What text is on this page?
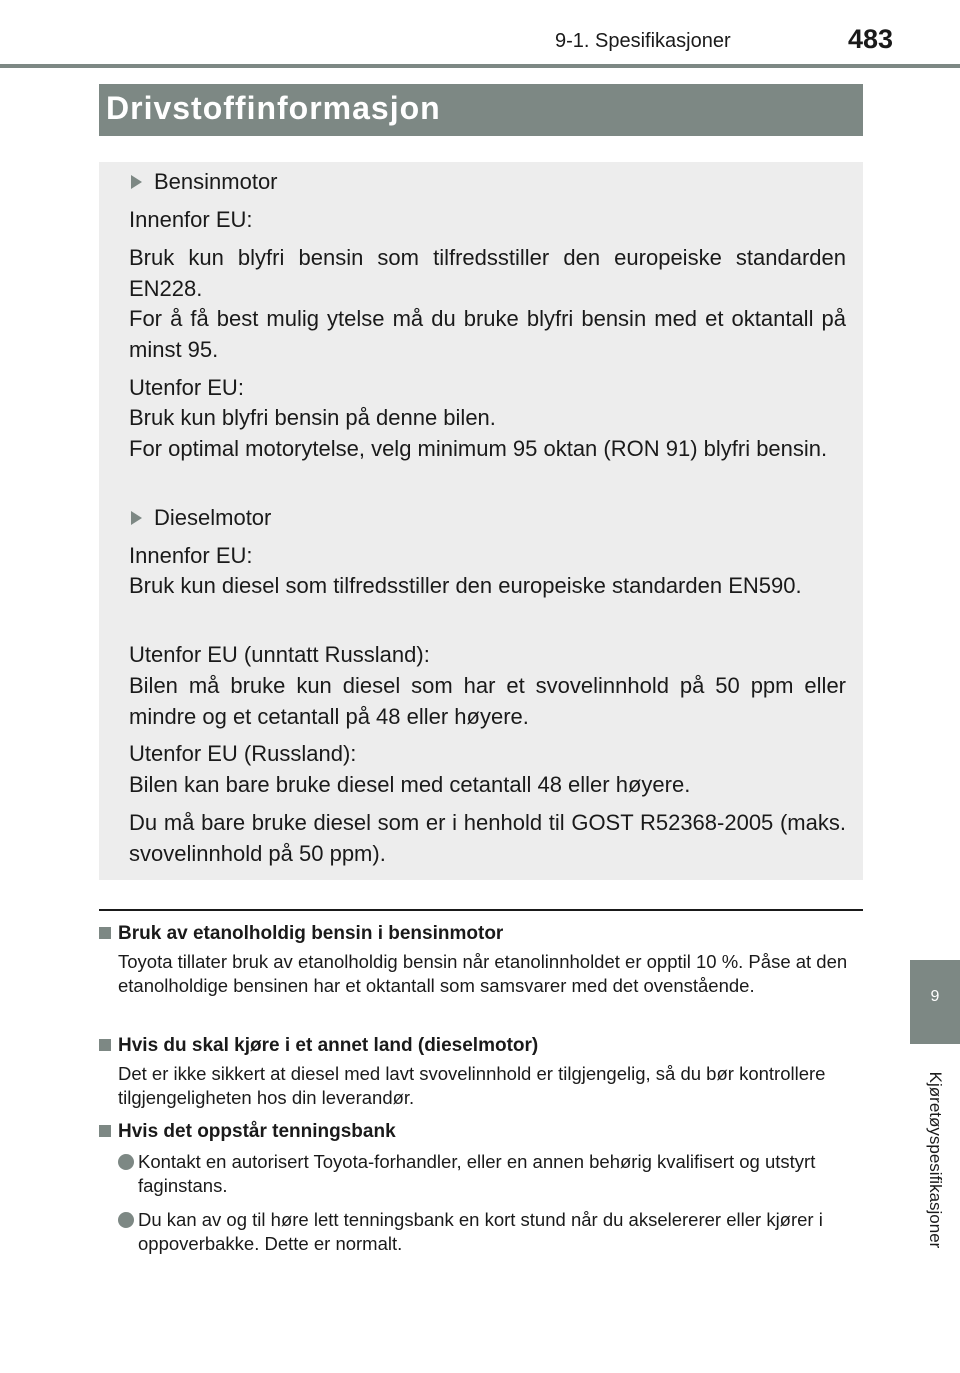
9-1. Spesifikasjoner	483
Drivstoffinformasjon
Bensinmotor
Innenfor EU:
Bruk kun blyfri bensin som tilfredsstiller den europeiske standarden EN228.
For å få best mulig ytelse må du bruke blyfri bensin med et oktantall på minst 95.
Utenfor EU:
Bruk kun blyfri bensin på denne bilen.
For optimal motorytelse, velg minimum 95 oktan (RON 91) blyfri bensin.
Dieselmotor
Innenfor EU:
Bruk kun diesel som tilfredsstiller den europeiske standarden EN590.
Utenfor EU (unntatt Russland):
Bilen må bruke kun diesel som har et svovelinnhold på 50 ppm eller mindre og et cetantall på 48 eller høyere.
Utenfor EU (Russland):
Bilen kan bare bruke diesel med cetantall 48 eller høyere.
Du må bare bruke diesel som er i henhold til GOST R52368-2005 (maks. svovelinnhold på 50 ppm).
Bruk av etanolholdig bensin i bensinmotor
Toyota tillater bruk av etanolholdig bensin når etanolinnholdet er opptil 10 %. Påse at den etanolholdige bensinen har et oktantall som samsvarer med det ovenstående.
Hvis du skal kjøre i et annet land (dieselmotor)
Det er ikke sikkert at diesel med lavt svovelinnhold er tilgjengelig, så du bør kontrollere tilgjengeligheten hos din leverandør.
Hvis det oppstår tenningsbank
Kontakt en autorisert Toyota-forhandler, eller en annen behørig kvalifisert og utstyrt faginstans.
Du kan av og til høre lett tenningsbank en kort stund når du akselererer eller kjører i oppoverbakke. Dette er normalt.
9
Kjøretøyspesifikasjoner
